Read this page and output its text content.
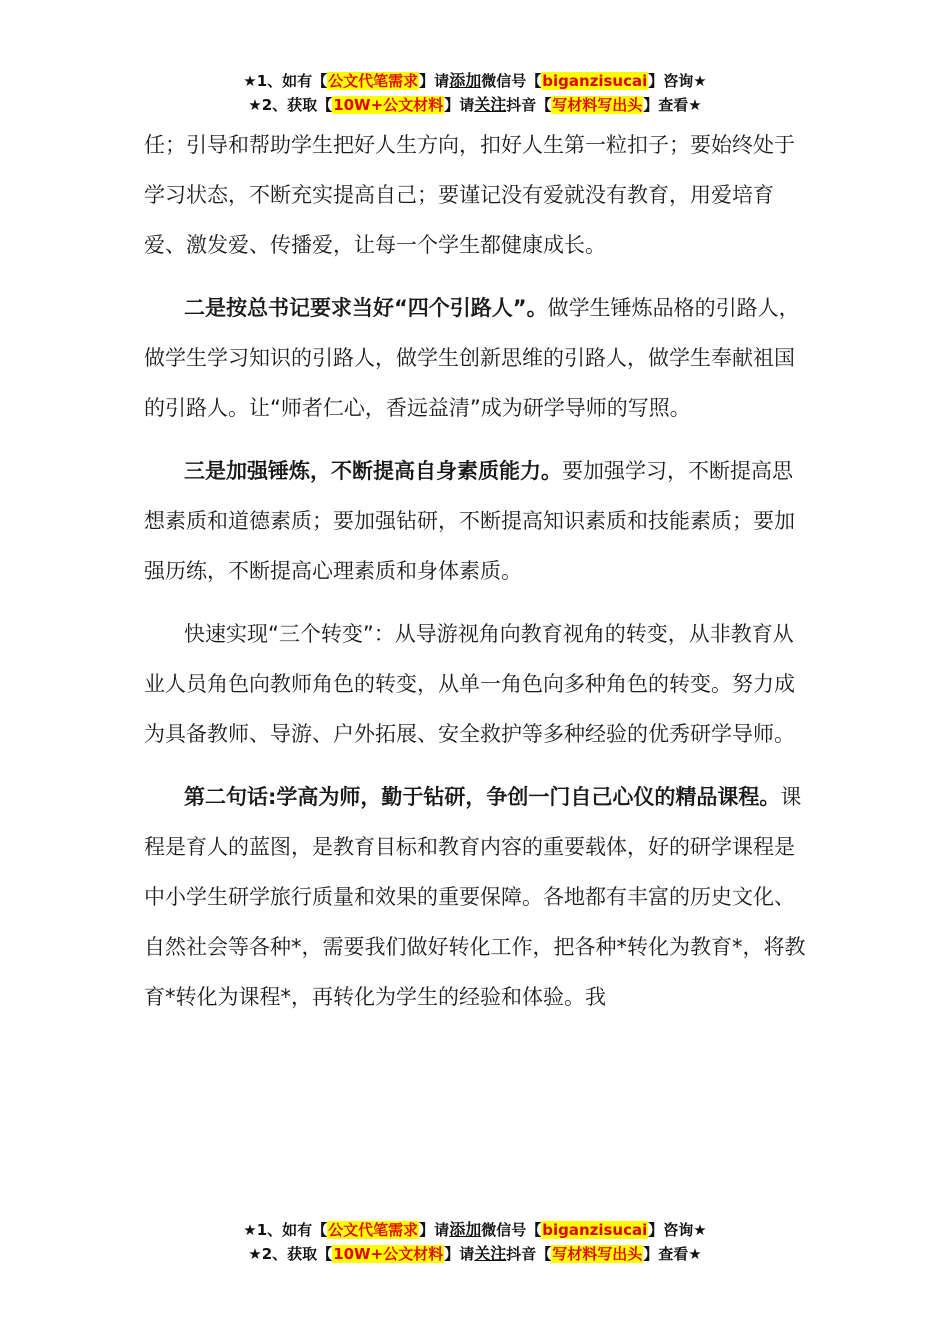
★1、如有【公文代笔需求】请添加微信号【biganzisucai】咨询★
★2、获取【10W+公文材料】请关注抖音【写材料写出头】查看★

任；引导和帮助学生把好人生方向，扣好人生第一粒扣子；要始终处于学习状态，不断充实提高自己；要谨记没有爱就没有教育，用爱培育爱、激发爱、传播爱，让每一个学生都健康成长。

二是按总书记要求当好“四个引路人”。做学生锤炼品格的引路人，做学生学习知识的引路人，做学生创新思维的引路人，做学生奉献祖国的引路人。让“师者仁心，香远益清”成为研学导师的写照。

三是加强锤炼，不断提高自身素质能力。要加强学习，不断提高思想素质和道德素质；要加强钻研，不断提高知识素质和技能素质；要加强历练，不断提高心理素质和身体素质。

快速实现“三个转变”：从导游视角向教育视角的转变，从非教育从业人员角色向教师角色的转变，从单一角色向多种角色的转变。努力成为具备教师、导游、户外拓展、安全救护等多种经验的优秀研学导师。

第二句话:学高为师，勤于钻研，争创一门自己心仪的精品课程。课程是育人的蓝图，是教育目标和教育内容的重要载体，好的研学课程是中小学生研学旅行质量和效果的重要保障。各地都有丰富的历史文化、自然社会等各种*，需要我们做好转化工作，把各种*转化为教育*，将教育*转化为课程*，再转化为学生的经验和体验。我

★1、如有【公文代笔需求】请添加微信号【biganzisucai】咨询★
★2、获取【10W+公文材料】请关注抖音【写材料写出头】查看★
